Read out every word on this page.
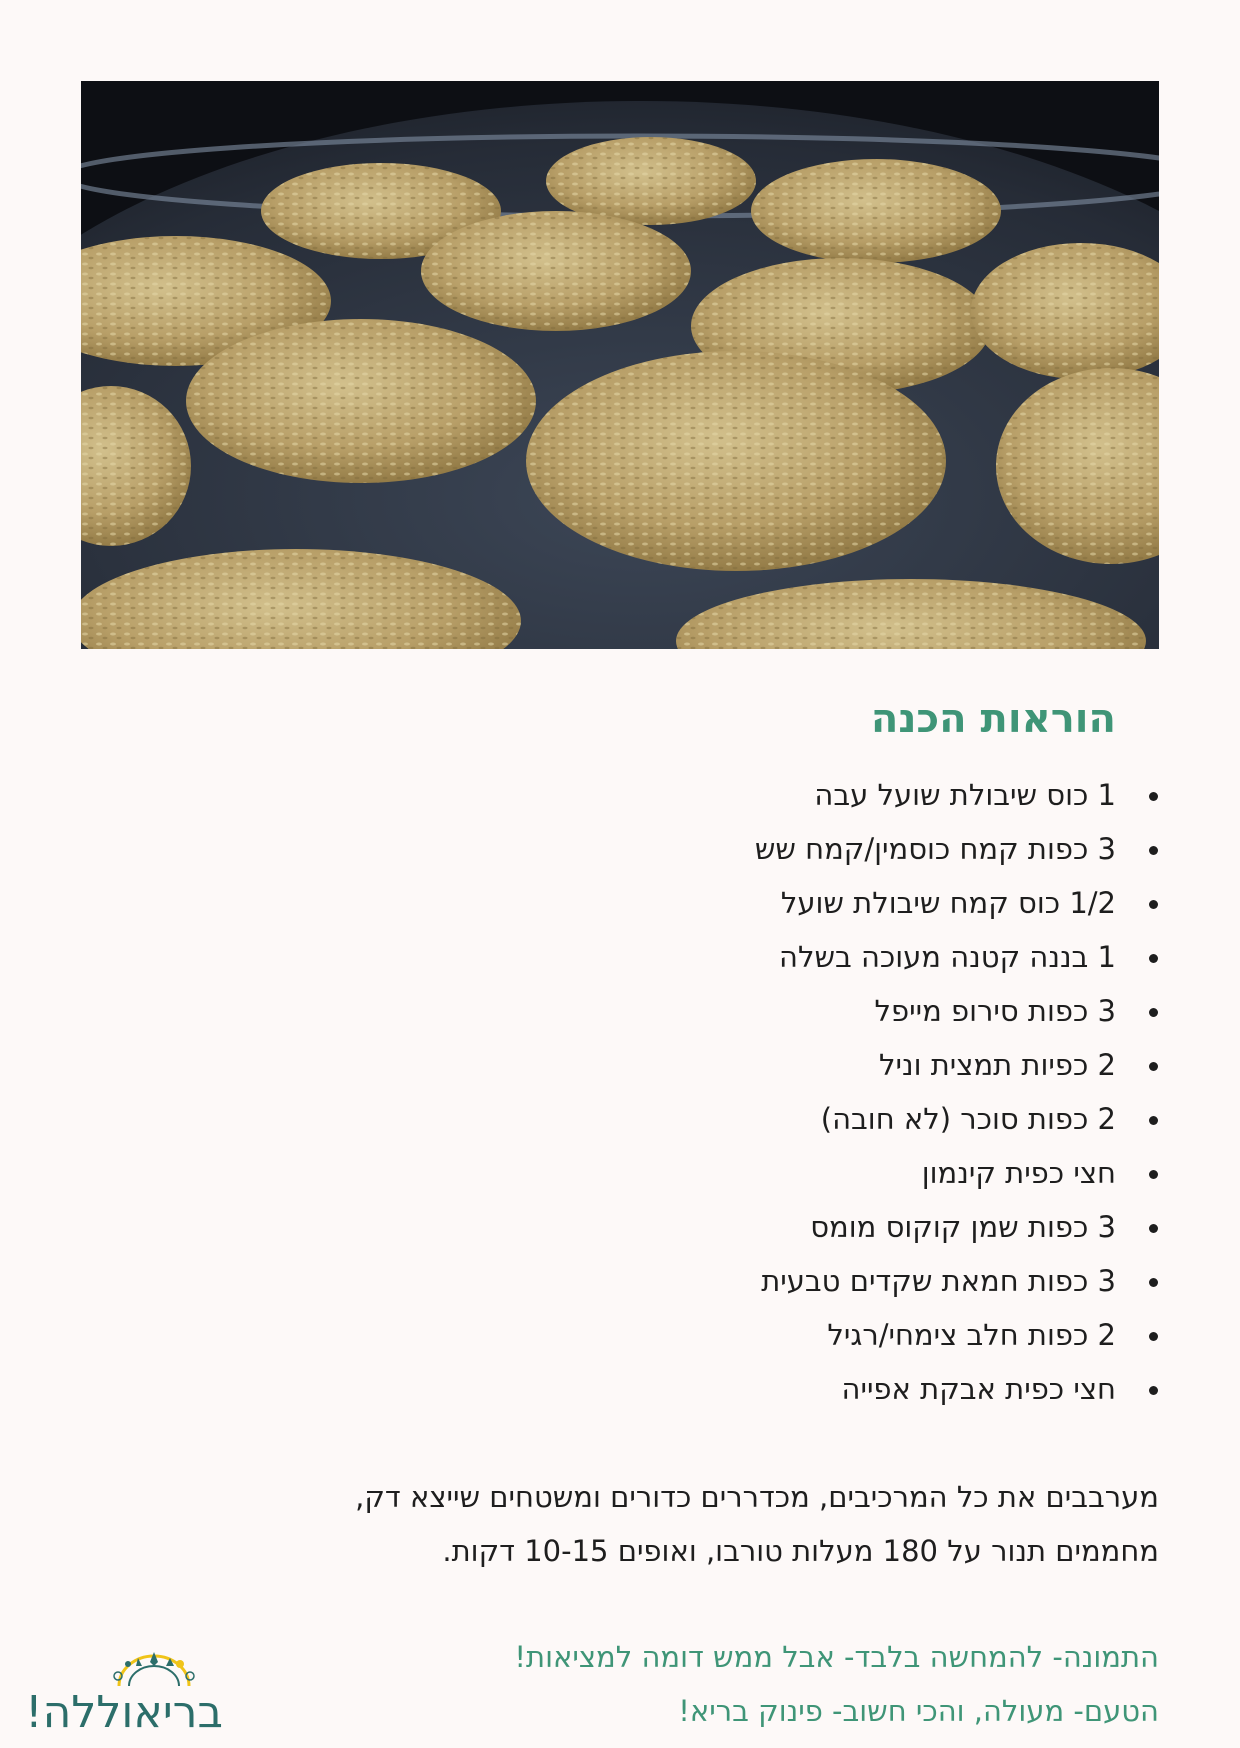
הוראות הכנה
1 כוס שיבולת שועל עבה
3 כפות קמח כוסמין/קמח שש
1/2 כוס קמח שיבולת שועל
1 בננה קטנה מעוכה בשלה
3 כפות סירופ מייפל
2 כפיות תמצית וניל
2 כפות סוכר (לא חובה)
חצי כפית קינמון
3 כפות שמן קוקוס מומס
3 כפות חמאת שקדים טבעית
2 כפות חלב צימחי/רגיל
חצי כפית אבקת אפייה

מערבבים את כל המרכיבים, מכדררים כדורים ומשטחים שייצא דק,

מחממים תנור על 180 מעלות טורבו, ואופים 10-15 דקות.

התמונה- להמחשה בלבד- אבל ממש דומה למציאות!

הטעם- מעולה, והכי חשוב- פינוק בריא!

בריאוללה!
